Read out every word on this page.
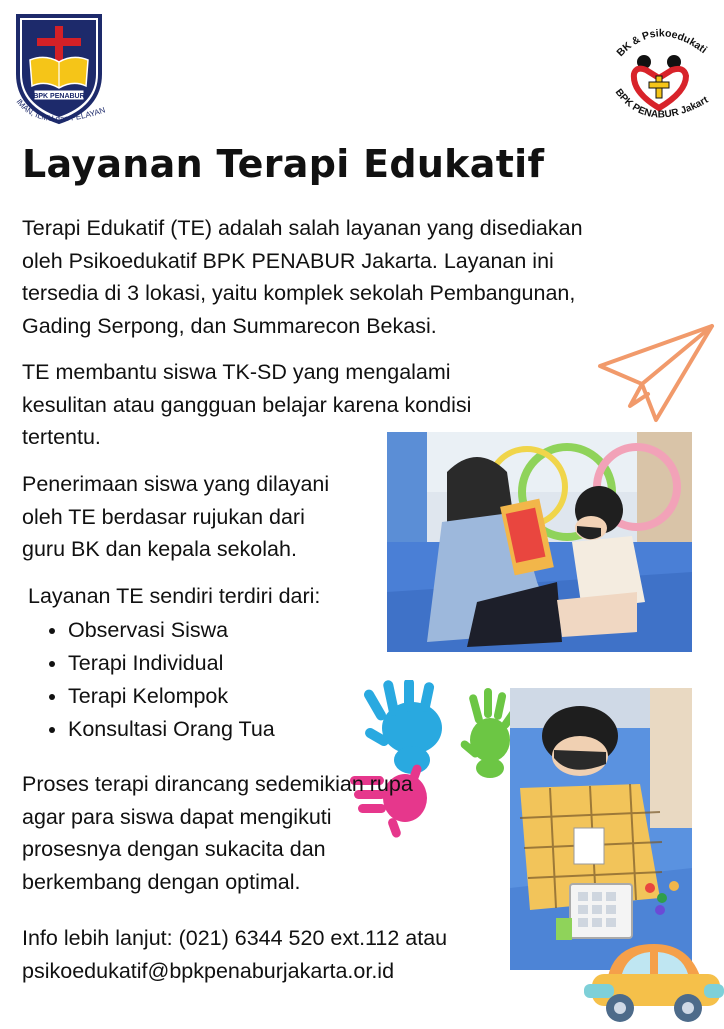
BPK PENABUR
IMAN, ILMU dan PELAYAN
BK & Psikoedukati
BPK PENABUR Jakart
Layanan Terapi Edukatif
Terapi Edukatif (TE) adalah salah layanan yang disediakan
oleh Psikoedukatif BPK PENABUR Jakarta. Layanan ini
tersedia di 3 lokasi, yaitu komplek sekolah Pembangunan,
Gading Serpong, dan Summarecon Bekasi.
TE membantu siswa TK-SD yang mengalami
kesulitan atau gangguan belajar karena kondisi
tertentu.
Penerimaan siswa yang dilayani
oleh TE berdasar rujukan dari
guru BK dan kepala sekolah.
Layanan TE sendiri terdiri dari:
Observasi Siswa
Terapi Individual
Terapi Kelompok
Konsultasi Orang Tua
Proses terapi dirancang sedemikian rupa
agar para siswa dapat mengikuti
prosesnya dengan sukacita dan
berkembang dengan optimal.
Info lebih lanjut: (021) 6344 520 ext.112 atau
psikoedukatif@bpkpenaburjakarta.or.id
